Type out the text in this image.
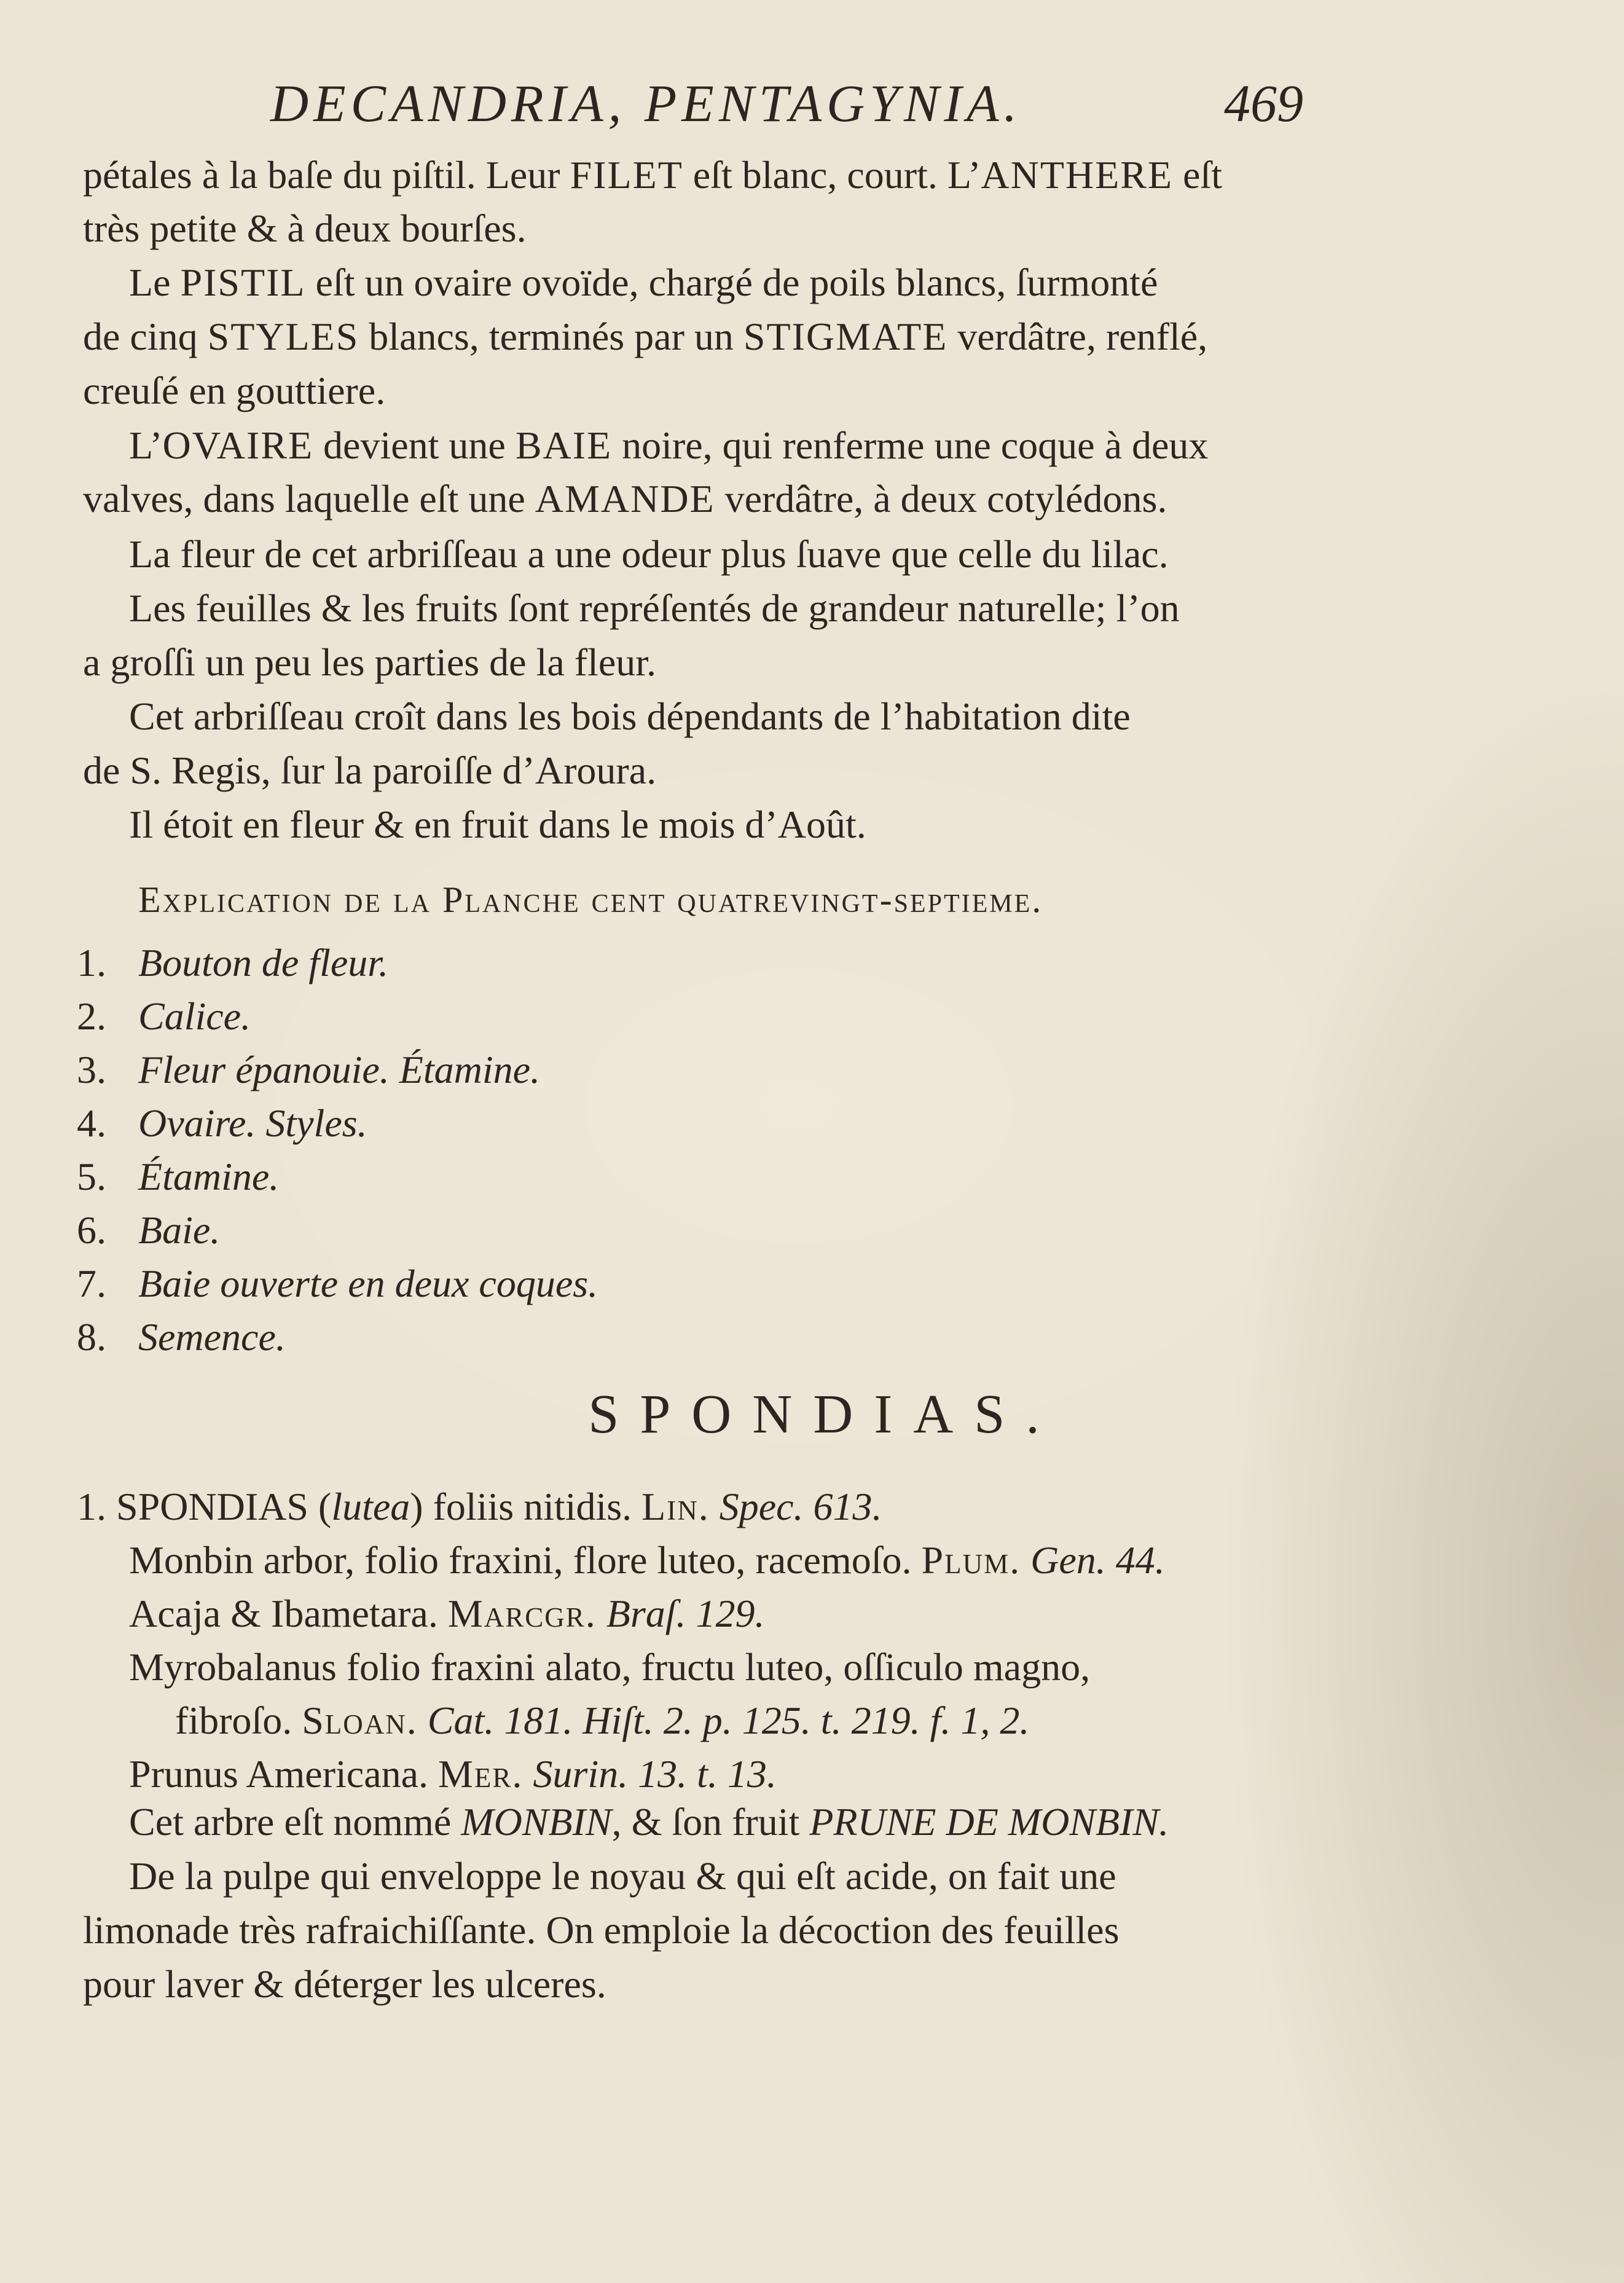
DECANDRIA, PENTAGYNIA.	469
pétales à la baſe du piſtil. Leur FILET eſt blanc, court. L’ANTHERE eſt
très petite & à deux bourſes.
Le PISTIL eſt un ovaire ovoïde, chargé de poils blancs, ſurmonté
de cinq STYLES blancs, terminés par un STIGMATE verdâtre, renflé,
creuſé en gouttiere.
L’OVAIRE devient une BAIE noire, qui renferme une coque à deux
valves, dans laquelle eſt une AMANDE verdâtre, à deux cotylédons.
La fleur de cet arbriſſeau a une odeur plus ſuave que celle du lilac.
Les feuilles & les fruits ſont repréſentés de grandeur naturelle; l’on
a groſſi un peu les parties de la fleur.
Cet arbriſſeau croît dans les bois dépendants de l’habitation dite
de S. Regis, ſur la paroiſſe d’Aroura.
Il étoit en fleur & en fruit dans le mois d’Août.
Explication de la Planche cent quatrevingt-septieme.
1. Bouton de fleur.
2. Calice.
3. Fleur épanouie. Étamine.
4. Ovaire. Styles.
5. Étamine.
6. Baie.
7. Baie ouverte en deux coques.
8. Semence.
SPONDIAS.
1. SPONDIAS (lutea) foliis nitidis. Lin. Spec. 613.
Monbin arbor, folio fraxini, flore luteo, racemoſo. Plum. Gen. 44.
Acaja & Ibametara. Marcgr. Braſ. 129.
Myrobalanus folio fraxini alato, fructu luteo, oſſiculo magno,
fibroſo. Sloan. Cat. 181. Hiſt. 2. p. 125. t. 219. f. 1, 2.
Prunus Americana. Mer. Surin. 13. t. 13.
Cet arbre eſt nommé MONBIN, & ſon fruit PRUNE DE MONBIN.
De la pulpe qui enveloppe le noyau & qui eſt acide, on fait une
limonade très rafraichiſſante. On emploie la décoction des feuilles
pour laver & déterger les ulceres.
